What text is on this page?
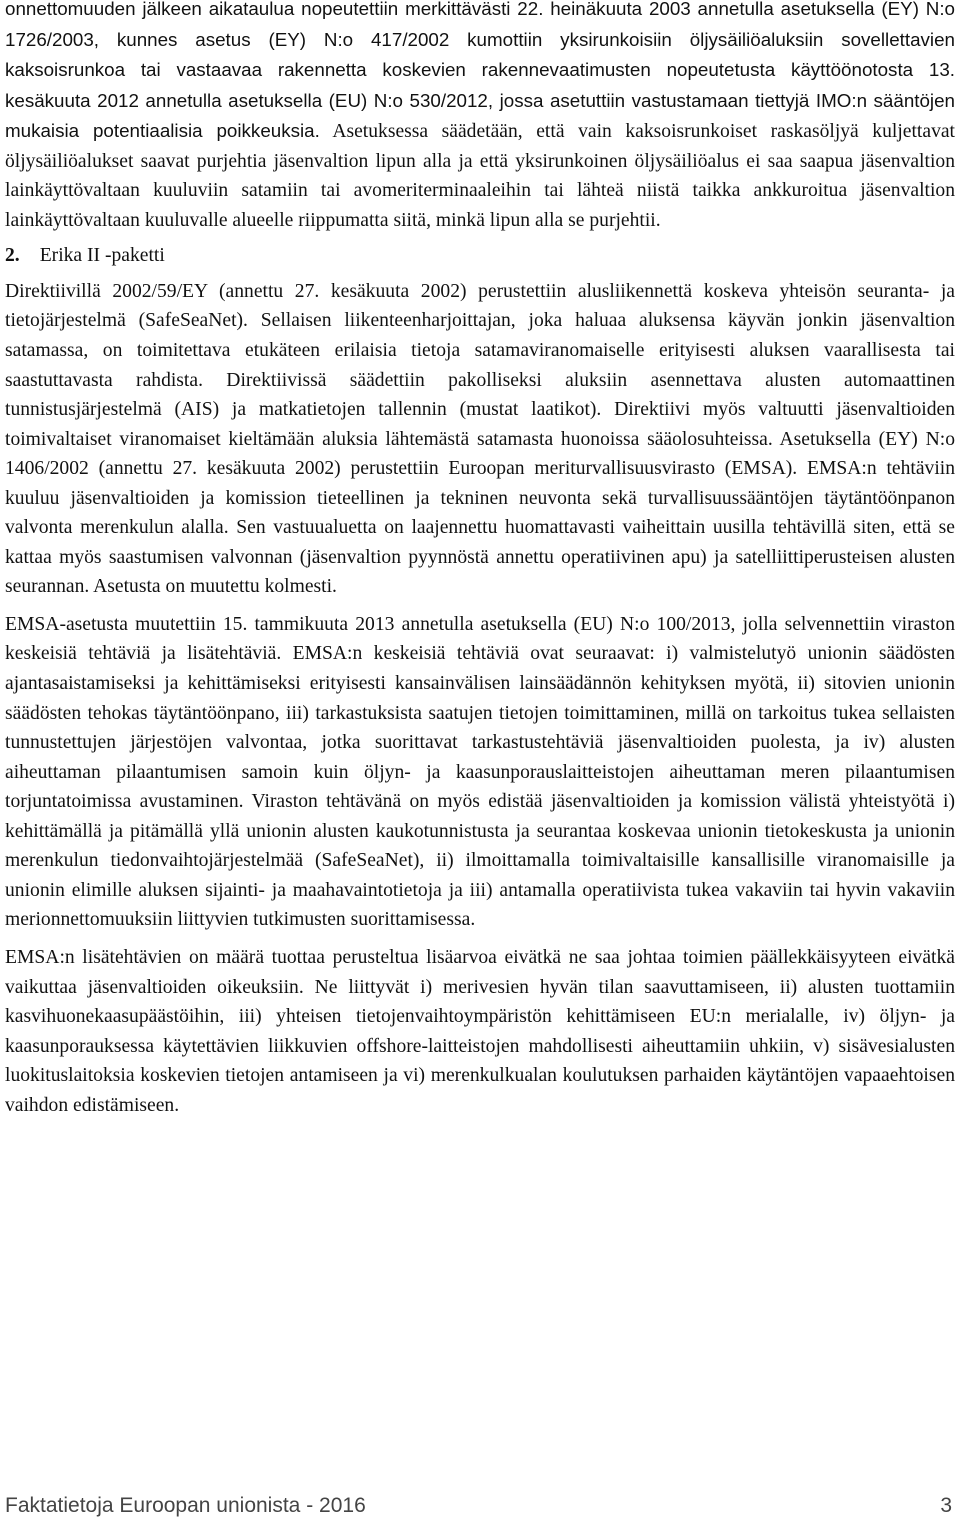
onnettomuuden jälkeen aikataulua nopeutettiin merkittävästi 22. heinäkuuta 2003 annetulla asetuksella (EY) N:o 1726/2003, kunnes asetus (EY) N:o 417/2002 kumottiin yksirunkoisiin öljysäiliöaluksiin sovellettavien kaksoisrunkoa tai vastaavaa rakennetta koskevien rakennevaatimusten nopeutetusta käyttöönotosta 13. kesäkuuta 2012 annetulla asetuksella (EU) N:o 530/2012, jossa asetuttiin vastustamaan tiettyjä IMO:n sääntöjen mukaisia potentiaalisia poikkeuksia. Asetuksessa säädetään, että vain kaksoisrunkoiset raskasöljyä kuljettavat öljysäiliöalukset saavat purjehtia jäsenvaltion lipun alla ja että yksirunkoinen öljysäiliöalus ei saa saapua jäsenvaltion lainkäyttövaltaan kuuluviin satamiin tai avomeriterminaaleihin tai lähteä niistä taikka ankkuroitua jäsenvaltion lainkäyttövaltaan kuuluvalle alueelle riippumatta siitä, minkä lipun alla se purjehtii.

2. Erika II -paketti

Direktiivillä 2002/59/EY (annettu 27. kesäkuuta 2002) perustettiin alusliikennettä koskeva yhteisön seuranta- ja tietojärjestelmä (SafeSeaNet). Sellaisen liikenteenharjoittajan, joka haluaa aluksensa käyvän jonkin jäsenvaltion satamassa, on toimitettava etukäteen erilaisia tietoja satamaviranomaiselle erityisesti aluksen vaarallisesta tai saastuttavasta rahdista. Direktiivissä säädettiin pakolliseksi aluksiin asennettava alusten automaattinen tunnistusjärjestelmä (AIS) ja matkatietojen tallennin (mustat laatikot). Direktiivi myös valtuutti jäsenvaltioiden toimivaltaiset viranomaiset kieltämään aluksia lähtemästä satamasta huonoissa sääolosuhteissa. Asetuksella (EY) N:o 1406/2002 (annettu 27. kesäkuuta 2002) perustettiin Euroopan meriturvallisuusvirasto (EMSA). EMSA:n tehtäviin kuuluu jäsenvaltioiden ja komission tieteellinen ja tekninen neuvonta sekä turvallisuussääntöjen täytäntöönpanon valvonta merenkulun alalla. Sen vastuualuetta on laajennettu huomattavasti vaiheittain uusilla tehtävillä siten, että se kattaa myös saastumisen valvonnan (jäsenvaltion pyynnöstä annettu operatiivinen apu) ja satelliittiperusteisen alusten seurannan. Asetusta on muutettu kolmesti.

EMSA-asetusta muutettiin 15. tammikuuta 2013 annetulla asetuksella (EU) N:o 100/2013, jolla selvennettiin viraston keskeisiä tehtäviä ja lisätehtäviä. EMSA:n keskeisiä tehtäviä ovat seuraavat: i) valmistelutyö unionin säädösten ajantasaistamiseksi ja kehittämiseksi erityisesti kansainvälisen lainsäädännön kehityksen myötä, ii) sitovien unionin säädösten tehokas täytäntöönpano, iii) tarkastuksista saatujen tietojen toimittaminen, millä on tarkoitus tukea sellaisten tunnustettujen järjestöjen valvontaa, jotka suorittavat tarkastustehtäviä jäsenvaltioiden puolesta, ja iv) alusten aiheuttaman pilaantumisen samoin kuin öljyn- ja kaasunporauslaitteistojen aiheuttaman meren pilaantumisen torjuntatoimissa avustaminen. Viraston tehtävänä on myös edistää jäsenvaltioiden ja komission välistä yhteistyötä i) kehittämällä ja pitämällä yllä unionin alusten kaukotunnistusta ja seurantaa koskevaa unionin tietokeskusta ja unionin merenkulun tiedonvaihtojärjestelmää (SafeSeaNet), ii) ilmoittamalla toimivaltaisille kansallisille viranomaisille ja unionin elimille aluksen sijainti- ja maahavaintotietoja ja iii) antamalla operatiivista tukea vakaviin tai hyvin vakaviin merionnettomuuksiin liittyvien tutkimusten suorittamisessa.

EMSA:n lisätehtävien on määrä tuottaa perusteltua lisäarvoa eivätkä ne saa johtaa toimien päällekkäisyyteen eivätkä vaikuttaa jäsenvaltioiden oikeuksiin. Ne liittyvät i) merivesien hyvän tilan saavuttamiseen, ii) alusten tuottamiin kasvihuonekaasupäästöihin, iii) yhteisen tietojenvaihtoympäristön kehittämiseen EU:n merialalle, iv) öljyn- ja kaasunporauksessa käytettävien liikkuvien offshore-laitteistojen mahdollisesti aiheuttamiin uhkiin, v) sisävesialusten luokituslaitoksia koskevien tietojen antamiseen ja vi) merenkulkualan koulutuksen parhaiden käytäntöjen vapaaehtoisen vaihdon edistämiseen.

Faktatietoja Euroopan unionista - 2016	3
